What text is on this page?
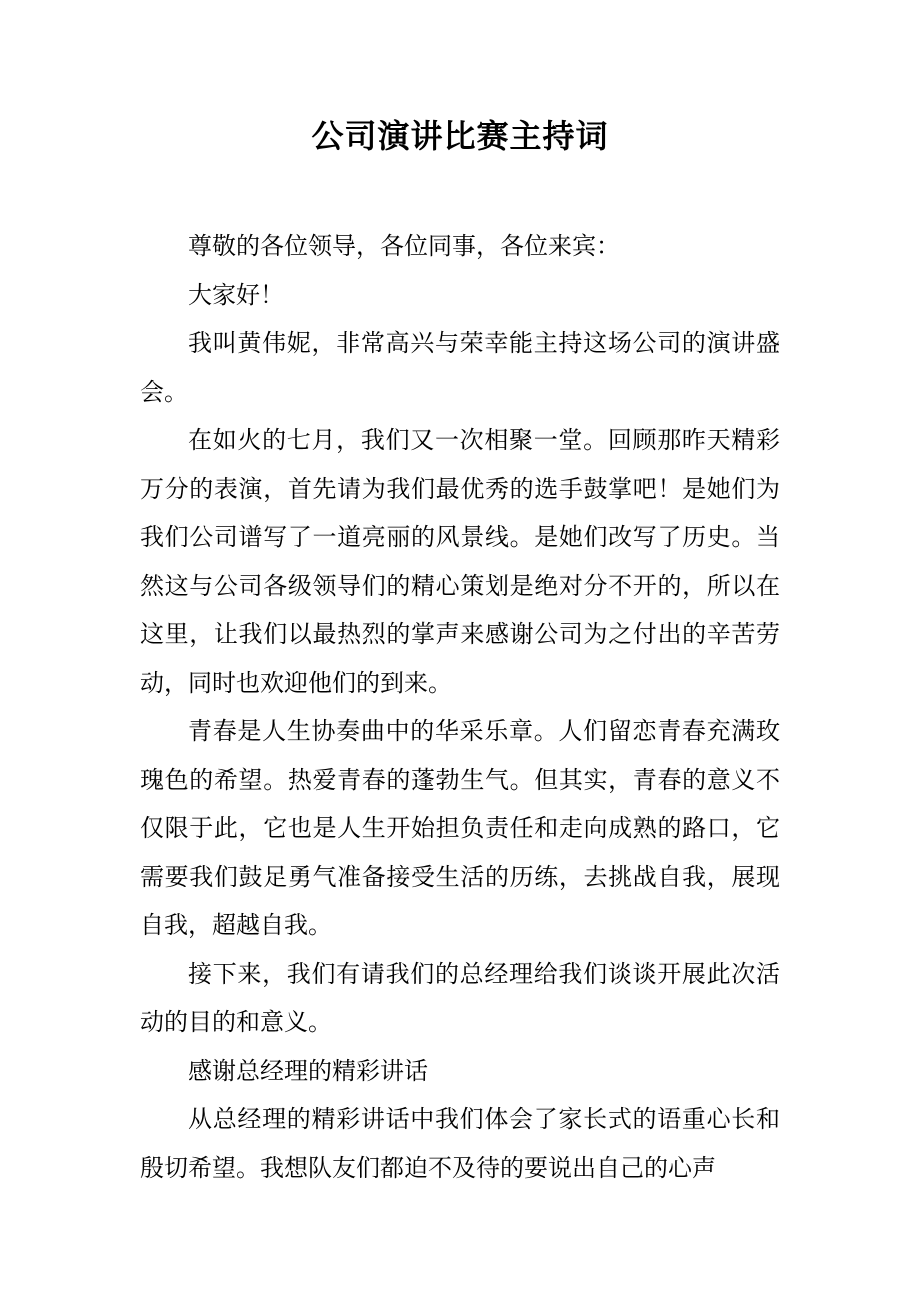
公司演讲比赛主持词

尊敬的各位领导，各位同事，各位来宾：

大家好！

我叫黄伟妮，非常高兴与荣幸能主持这场公司的演讲盛会。

在如火的七月，我们又一次相聚一堂。回顾那昨天精彩万分的表演，首先请为我们最优秀的选手鼓掌吧！是她们为我们公司谱写了一道亮丽的风景线。是她们改写了历史。当然这与公司各级领导们的精心策划是绝对分不开的，所以在这里，让我们以最热烈的掌声来感谢公司为之付出的辛苦劳动，同时也欢迎他们的到来。

青春是人生协奏曲中的华采乐章。人们留恋青春充满玫瑰色的希望。热爱青春的蓬勃生气。但其实，青春的意义不仅限于此，它也是人生开始担负责任和走向成熟的路口，它需要我们鼓足勇气准备接受生活的历练，去挑战自我，展现自我，超越自我。

接下来，我们有请我们的总经理给我们谈谈开展此次活动的目的和意义。

感谢总经理的精彩讲话

从总经理的精彩讲话中我们体会了家长式的语重心长和殷切希望。我想队友们都迫不及待的要说出自己的心声
